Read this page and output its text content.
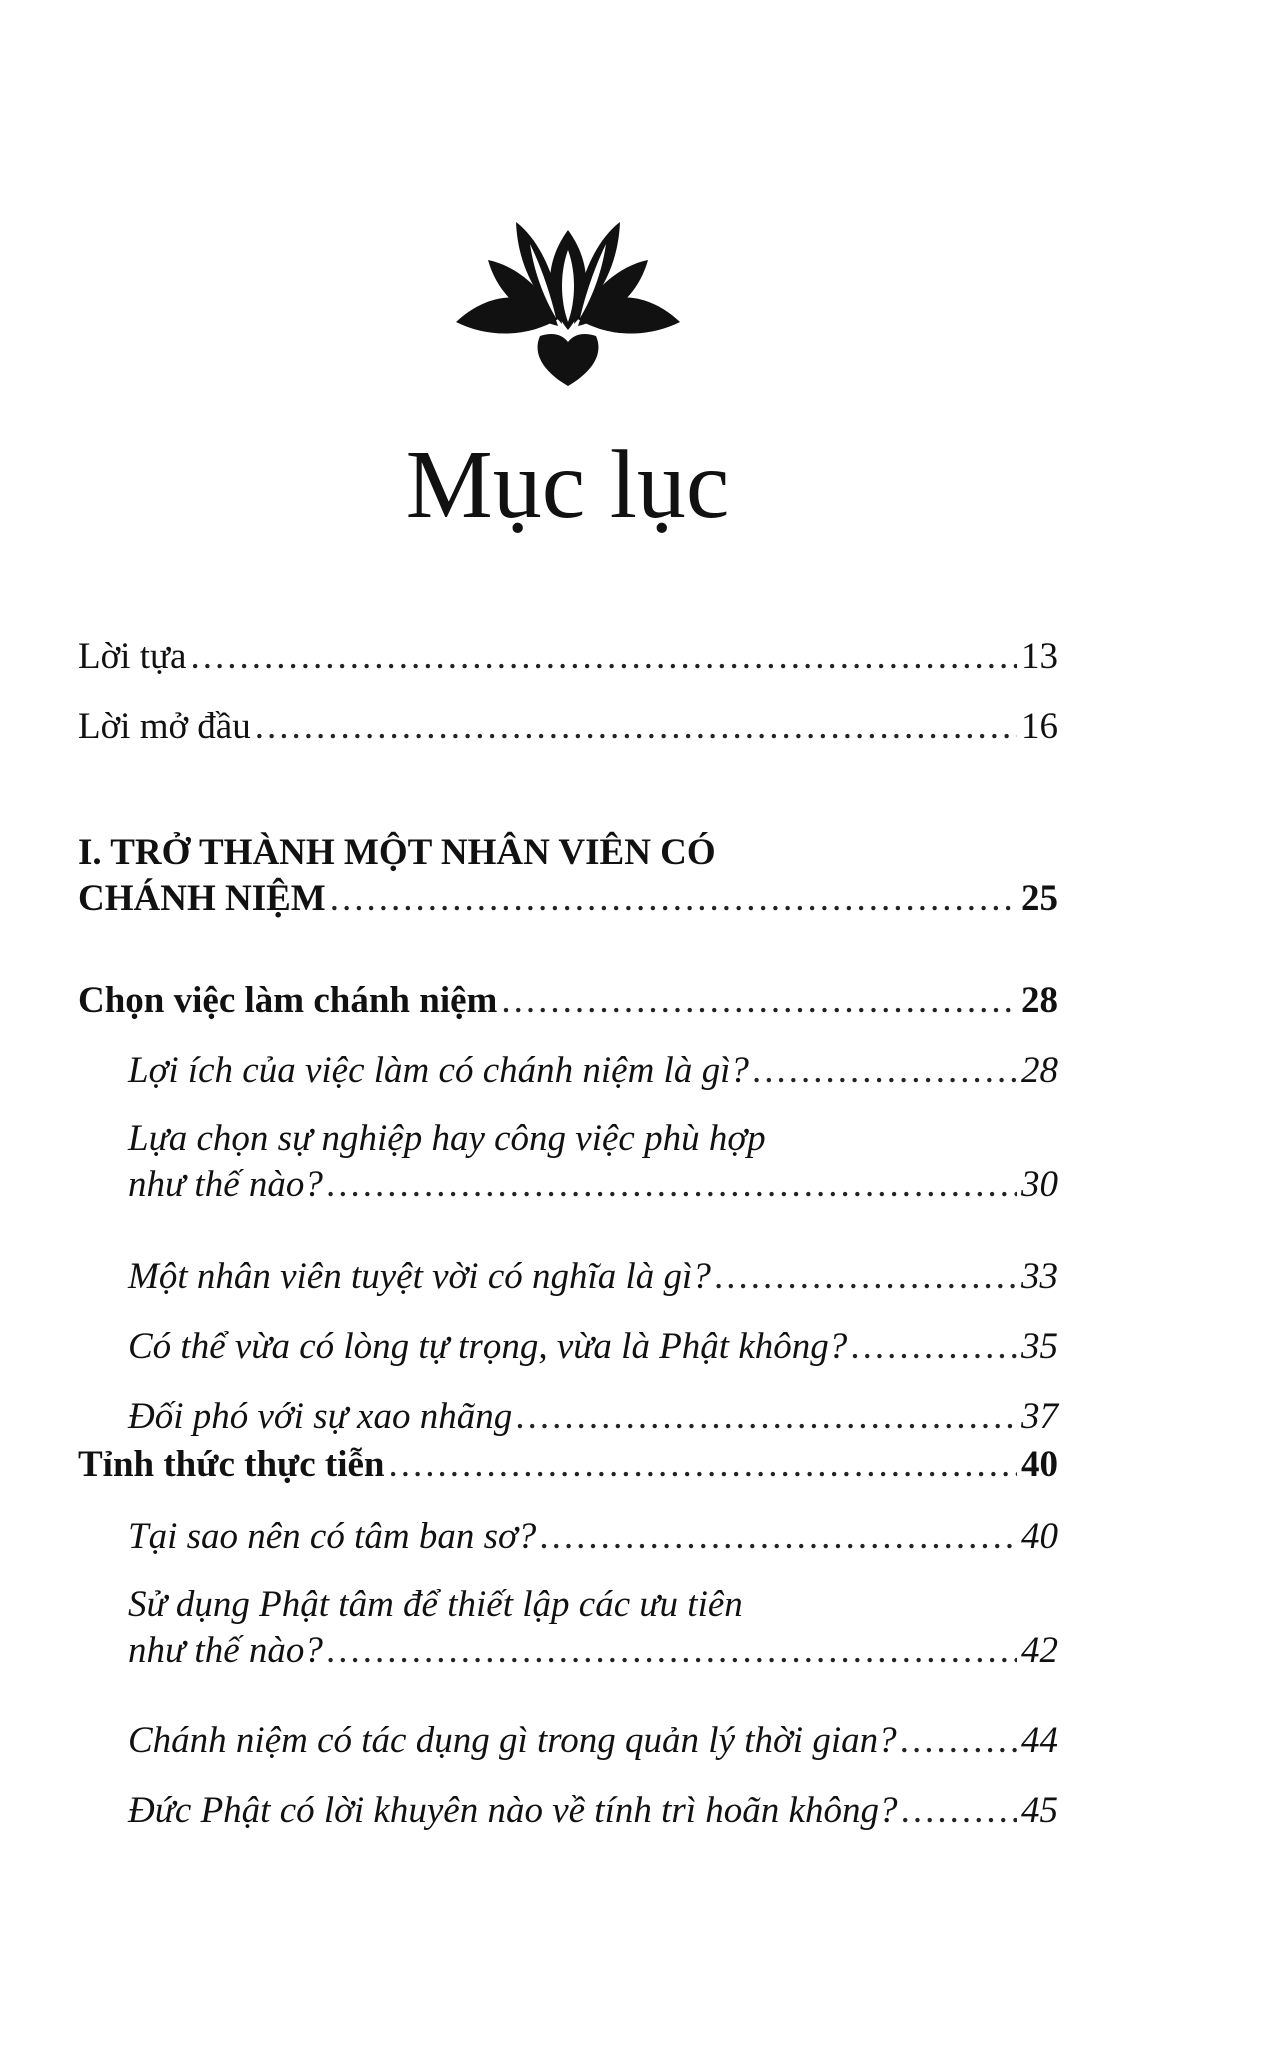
Mục lục
Lời tựa .....	13
Lời mở đầu .....	16
I. TRỞ THÀNH MỘT NHÂN VIÊN CÓ
CHÁNH NIỆM .....	25
Chọn việc làm chánh niệm .....	28
Lợi ích của việc làm có chánh niệm là gì? .....	28
Lựa chọn sự nghiệp hay công việc phù hợp
như thế nào? .....	30
Một nhân viên tuyệt vời có nghĩa là gì? .....	33
Có thể vừa có lòng tự trọng, vừa là Phật không? .....	35
Đối phó với sự xao nhãng .....	37
Tỉnh thức thực tiễn .....	40
Tại sao nên có tâm ban sơ? .....	40
Sử dụng Phật tâm để thiết lập các ưu tiên
như thế nào? .....	42
Chánh niệm có tác dụng gì trong quản lý thời gian? .....	44
Đức Phật có lời khuyên nào về tính trì hoãn không? .....	45
